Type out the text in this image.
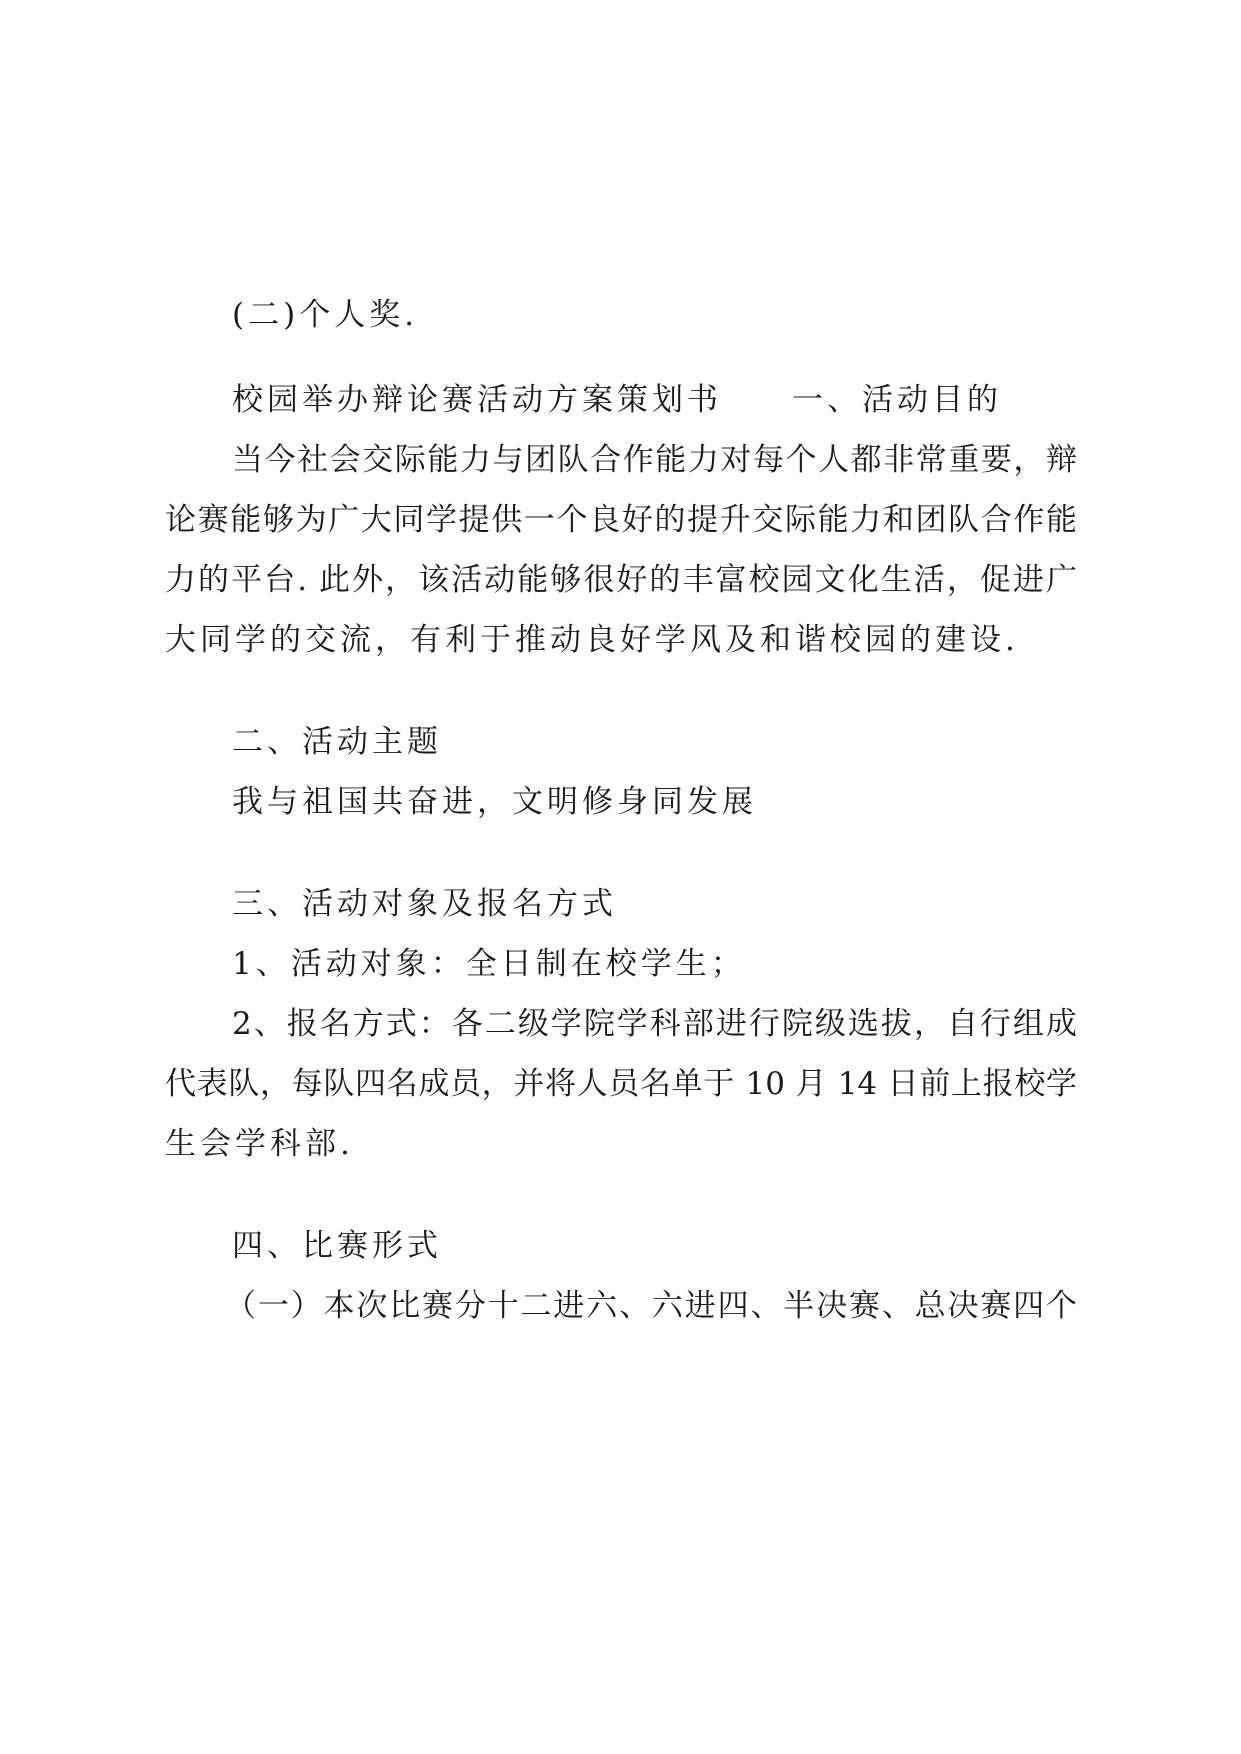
(二)个人奖.
校园举办辩论赛活动方案策划书　　一、活动目的
当今社会交际能力与团队合作能力对每个人都非常重要，辩
论赛能够为广大同学提供一个良好的提升交际能力和团队合作能
力的平台. 此外，该活动能够很好的丰富校园文化生活，促进广
大同学的交流，有利于推动良好学风及和谐校园的建设.
二、活动主题
我与祖国共奋进，文明修身同发展
三、活动对象及报名方式
1、活动对象：全日制在校学生；
2、报名方式：各二级学院学科部进行院级选拔，自行组成
代表队，每队四名成员，并将人员名单于 10 月 14 日前上报校学
生会学科部.
四、比赛形式
（一）本次比赛分十二进六、六进四、半决赛、总决赛四个
